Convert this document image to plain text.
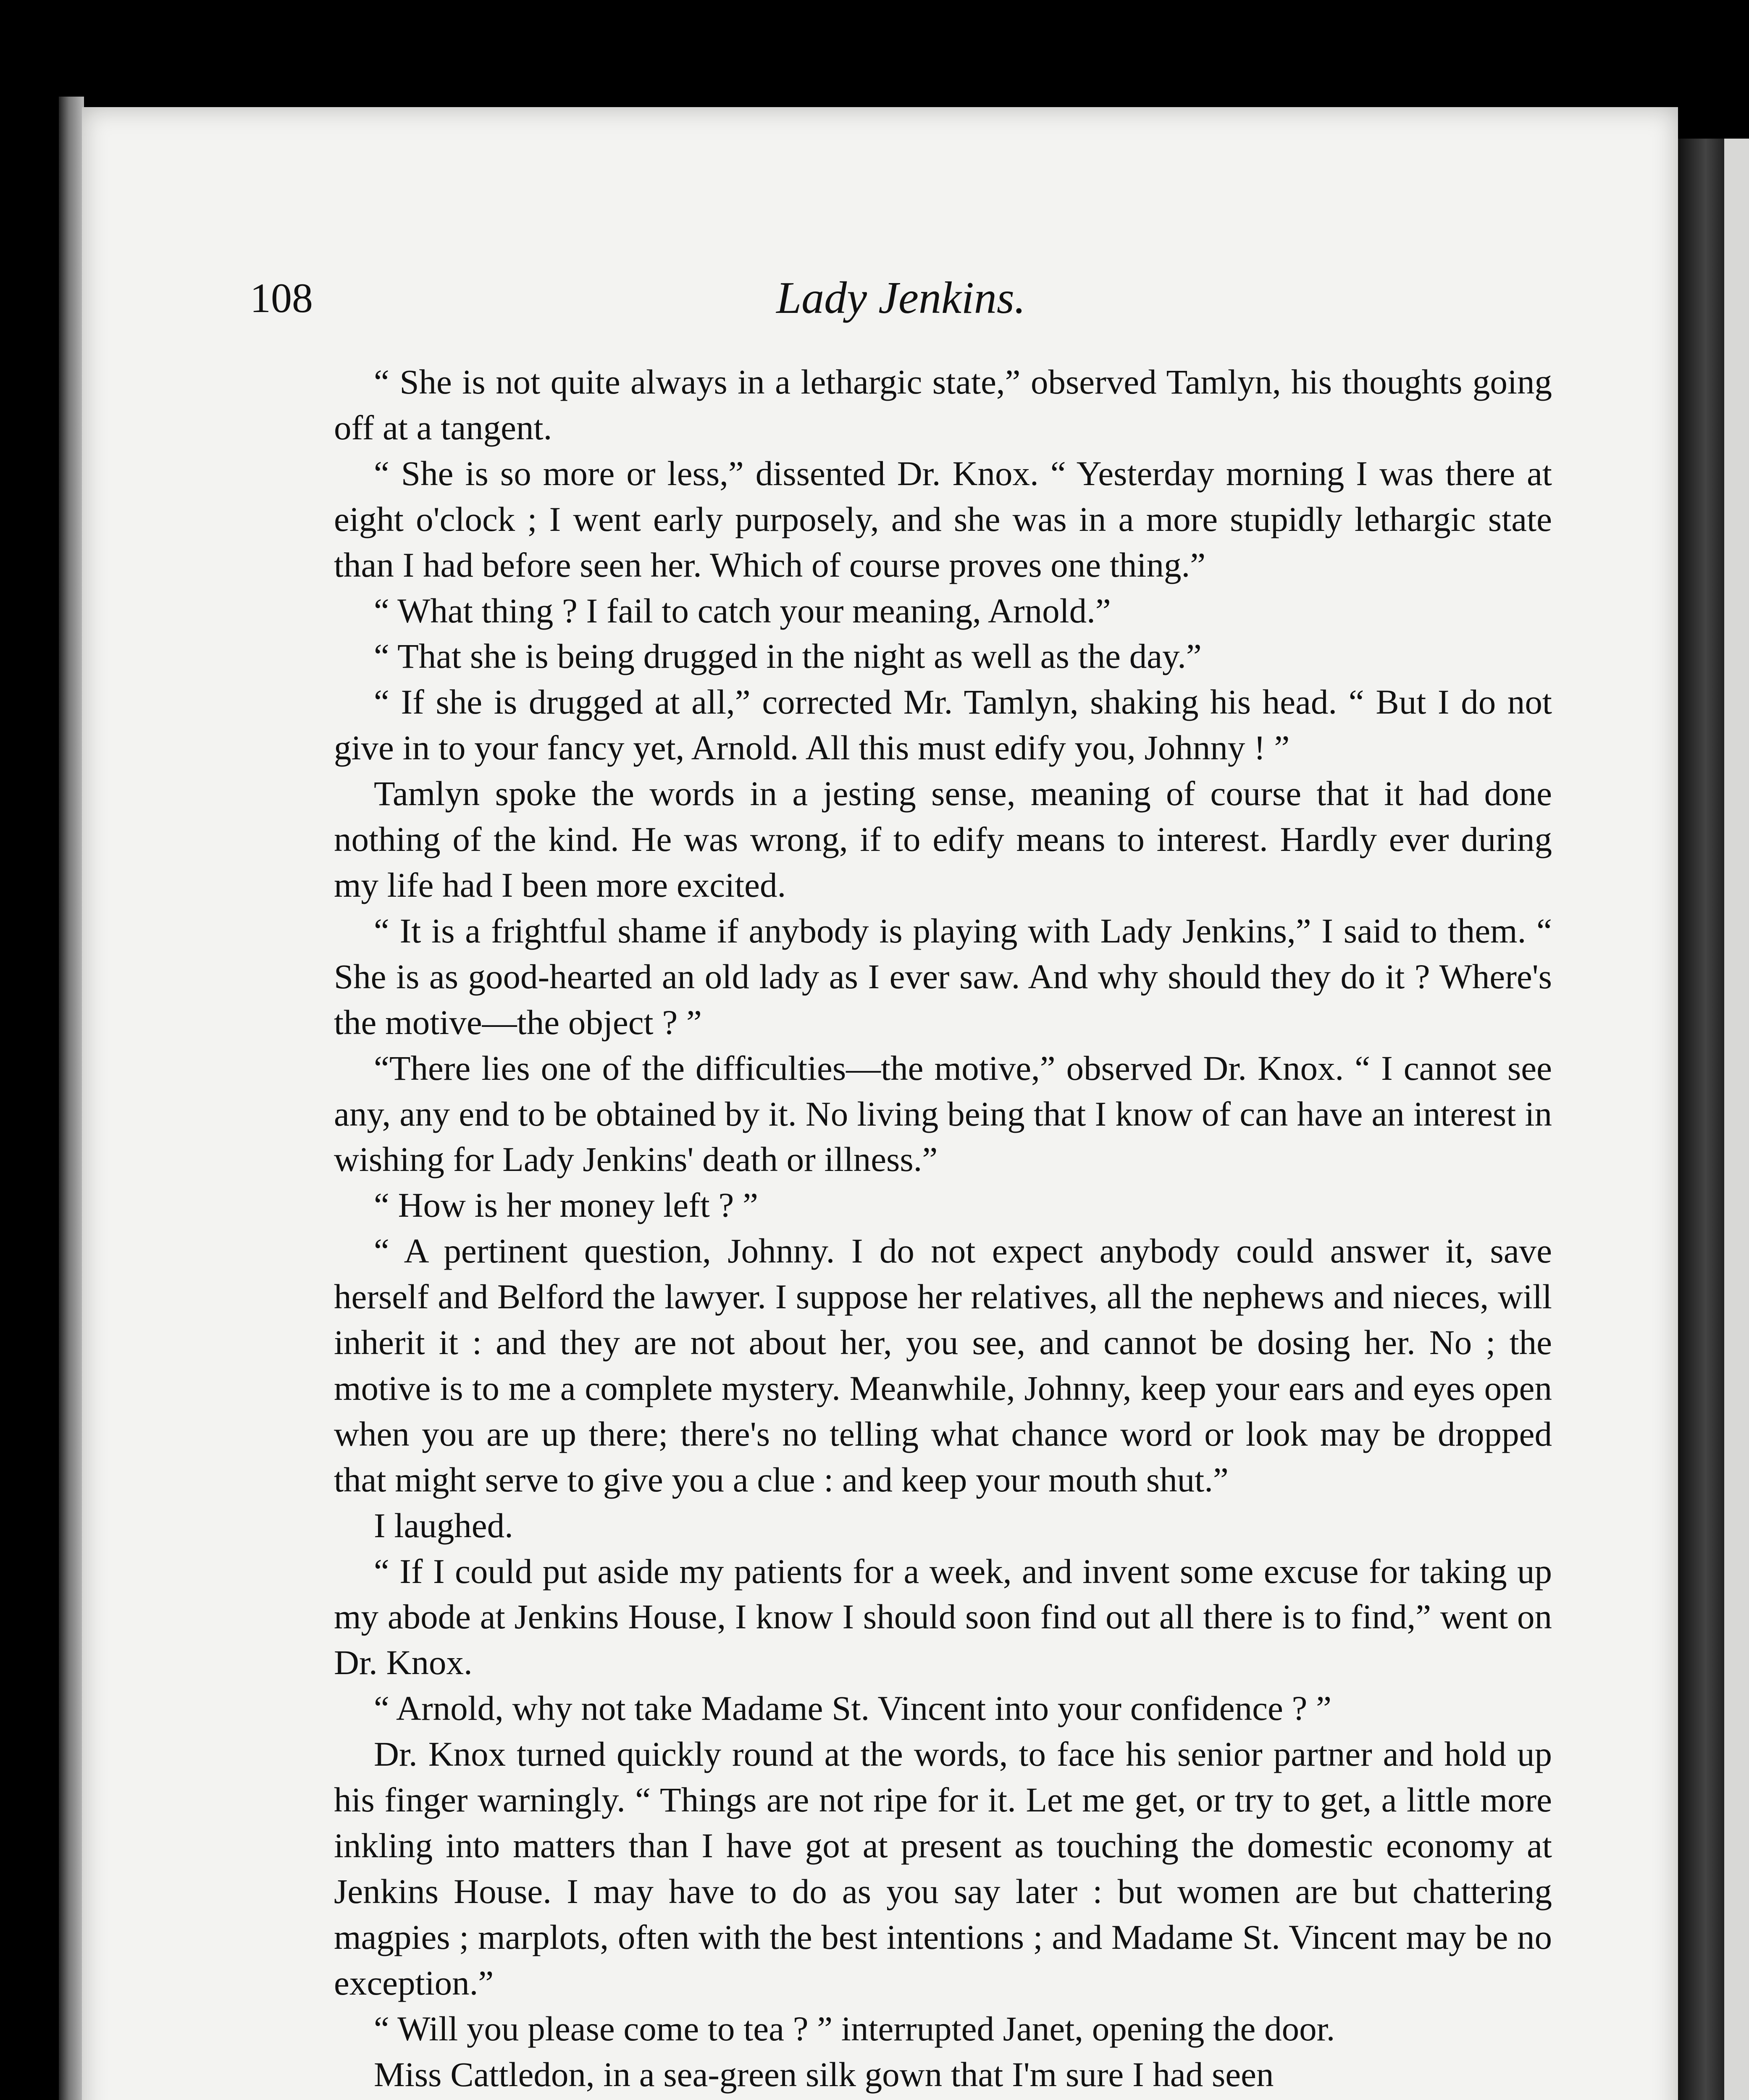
108	Lady Jenkins.

“ She is not quite always in a lethargic state,” observed Tamlyn, his thoughts going off at a tangent.

“ She is so more or less,” dissented Dr. Knox. “ Yesterday morning I was there at eight o'clock ; I went early purposely, and she was in a more stupidly lethargic state than I had before seen her. Which of course proves one thing.”

“ What thing ? I fail to catch your meaning, Arnold.”

“ That she is being drugged in the night as well as the day.”

“ If she is drugged at all,” corrected Mr. Tamlyn, shaking his head. “ But I do not give in to your fancy yet, Arnold. All this must edify you, Johnny ! ”

Tamlyn spoke the words in a jesting sense, meaning of course that it had done nothing of the kind. He was wrong, if to edify means to interest. Hardly ever during my life had I been more excited.

“ It is a frightful shame if anybody is playing with Lady Jenkins,” I said to them. “ She is as good-hearted an old lady as I ever saw. And why should they do it ? Where's the motive—the object ? ”

“There lies one of the difficulties—the motive,” observed Dr. Knox. “ I cannot see any, any end to be obtained by it. No living being that I know of can have an interest in wishing for Lady Jenkins' death or illness.”

“ How is her money left ? ”

“ A pertinent question, Johnny. I do not expect anybody could answer it, save herself and Belford the lawyer. I suppose her relatives, all the nephews and nieces, will inherit it : and they are not about her, you see, and cannot be dosing her. No ; the motive is to me a complete mystery. Meanwhile, Johnny, keep your ears and eyes open when you are up there; there's no telling what chance word or look may be dropped that might serve to give you a clue : and keep your mouth shut.”

I laughed.

“ If I could put aside my patients for a week, and invent some excuse for taking up my abode at Jenkins House, I know I should soon find out all there is to find,” went on Dr. Knox.

“ Arnold, why not take Madame St. Vincent into your confidence ? ”

Dr. Knox turned quickly round at the words, to face his senior partner and hold up his finger warningly. “ Things are not ripe for it. Let me get, or try to get, a little more inkling into matters than I have got at present as touching the domestic economy at Jenkins House. I may have to do as you say later : but women are but chattering magpies ; marplots, often with the best intentions ; and Madame St. Vincent may be no exception.”

“ Will you please come to tea ? ” interrupted Janet, opening the door.

Miss Cattledon, in a sea-green silk gown that I'm sure I had seen
